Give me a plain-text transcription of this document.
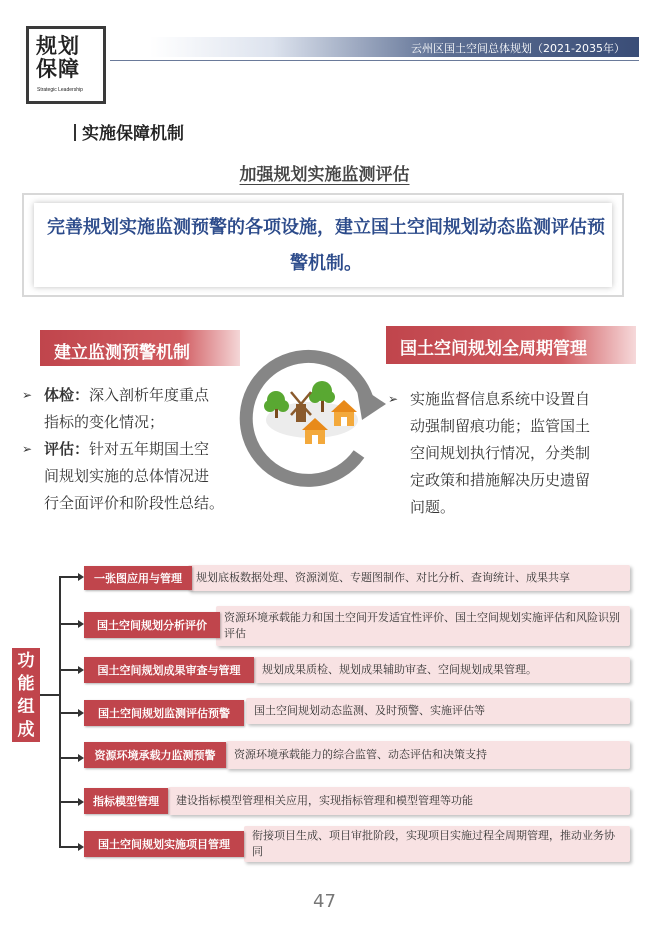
规划
保障
Strategic Leadership
云州区国土空间总体规划（2021-2035年）
实施保障机制
加强规划实施监测评估
完善规划实施监测预警的各项设施，建立国土空间规划动态监测评估预警机制。
建立监测预警机制	国土空间规划全周期管理
➢ 体检：深入剖析年度重点
指标的变化情况；
➢ 评估：针对五年期国土空
间规划实施的总体情况进
行全面评价和阶段性总结。
➢ 实施监督信息系统中设置自
动强制留痕功能；监管国土
空间规划执行情况，分类制
定政策和措施解决历史遗留
问题。
功能组成
规划底板数据处理、资源浏览、专题图制作、对比分析、查询统计、成果共享
一张图应用与管理
资源环境承载能力和国土空间开发适宜性评价、国土空间规划实施评估和风险识别评估
国土空间规划分析评价
规划成果质检、规划成果辅助审查、空间规划成果管理。
国土空间规划成果审查与管理
国土空间规划动态监测、及时预警、实施评估等
国土空间规划监测评估预警
资源环境承载能力的综合监管、动态评估和决策支持
资源环境承载力监测预警
建设指标模型管理相关应用，实现指标管理和模型管理等功能
指标模型管理
衔接项目生成、项目审批阶段，实现项目实施过程全周期管理，推动业务协同
国土空间规划实施项目管理
47
